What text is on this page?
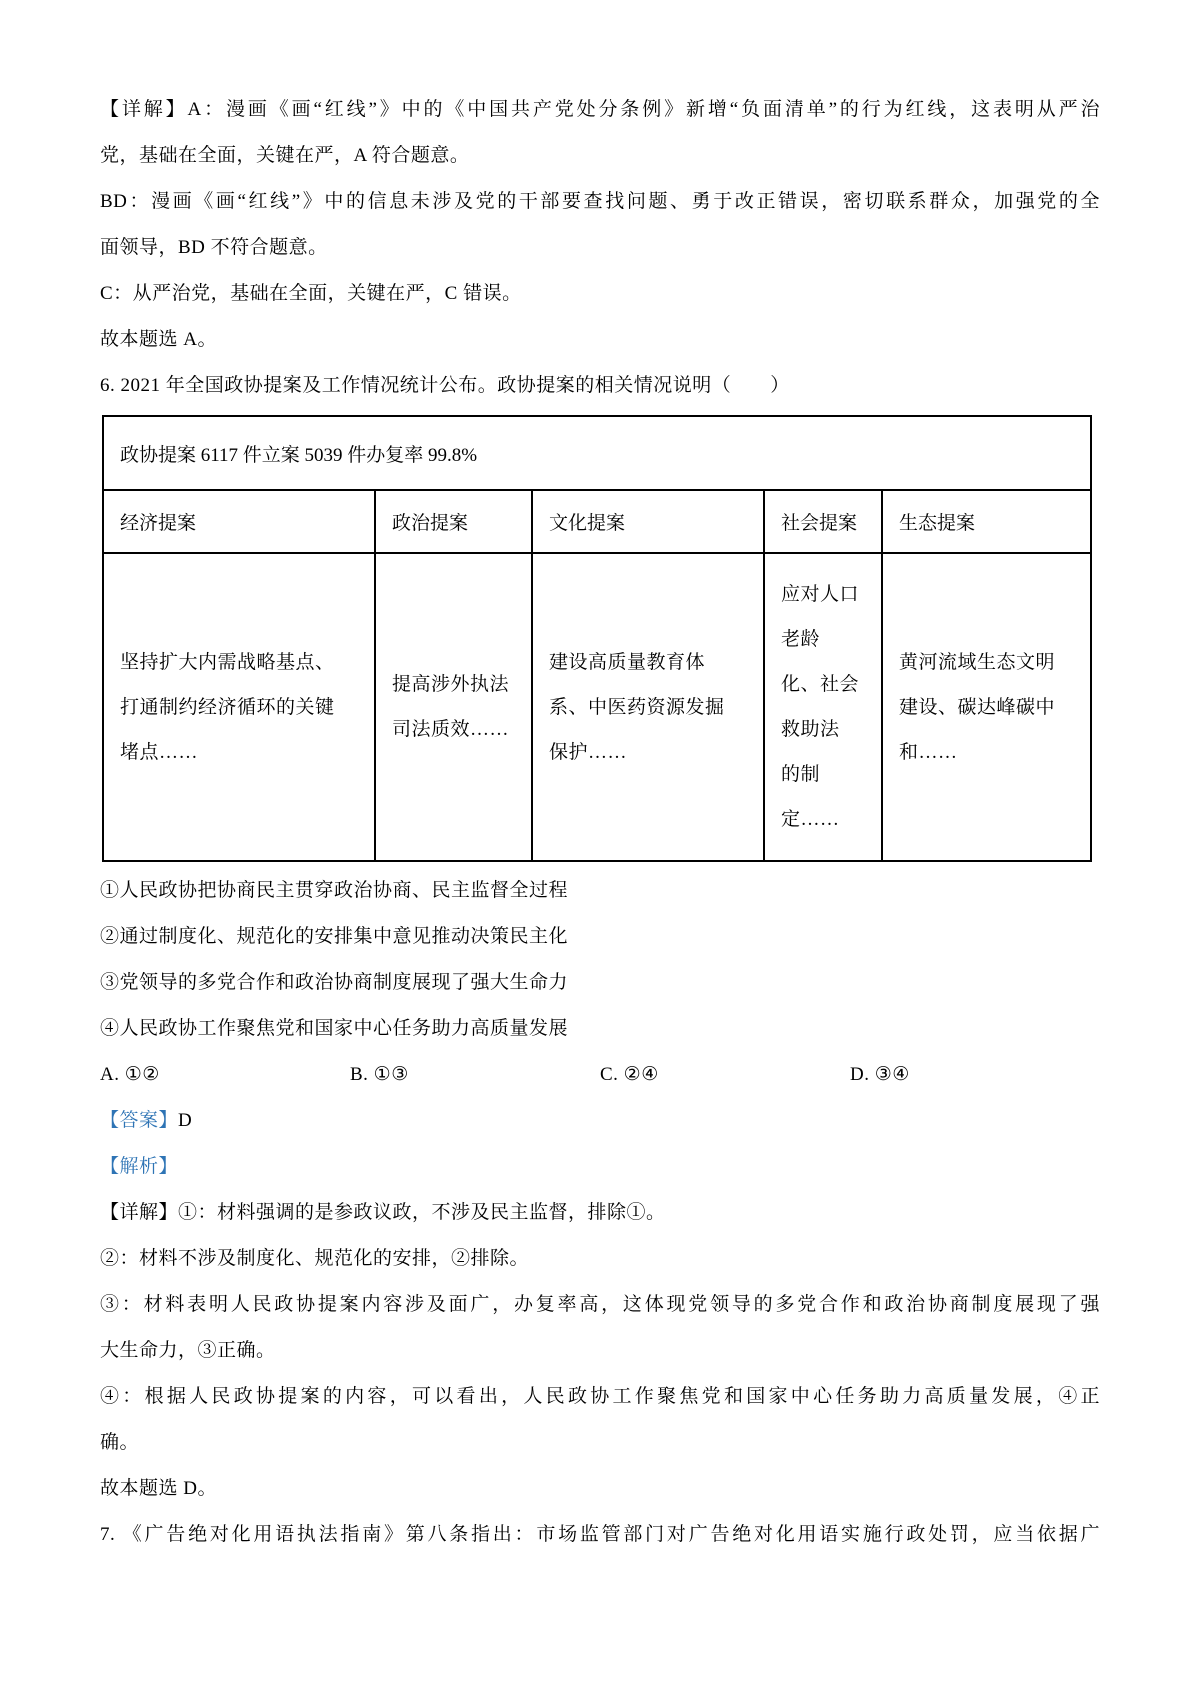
【详解】A：漫画《画“红线”》中的《中国共产党处分条例》新增“负面清单”的行为红线，这表明从严治
党，基础在全面，关键在严，A 符合题意。
BD：漫画《画“红线”》中的信息未涉及党的干部要查找问题、勇于改正错误，密切联系群众，加强党的全
面领导，BD 不符合题意。
C：从严治党，基础在全面，关键在严，C 错误。
故本题选 A。
6. 2021 年全国政协提案及工作情况统计公布。政协提案的相关情况说明（　　）
政协提案 6117 件立案 5039 件办复率 99.8%				
经济提案	政治提案	文化提案	社会提案	生态提案

坚持扩大内需战略基点、
打通制约经济循环的关键
堵点……

提高涉外执法
司法质效……

建设高质量教育体
系、中医药资源发掘
保护……

应对人口
老龄
化、社会
救助法
的制
定……

黄河流域生态文明
建设、碳达峰碳中
和……
①人民政协把协商民主贯穿政治协商、民主监督全过程
②通过制度化、规范化的安排集中意见推动决策民主化
③党领导的多党合作和政治协商制度展现了强大生命力
④人民政协工作聚焦党和国家中心任务助力高质量发展
A. ①②	B. ①③	C. ②④	D. ③④
【答案】D
【解析】
【详解】①：材料强调的是参政议政，不涉及民主监督，排除①。
②：材料不涉及制度化、规范化的安排，②排除。
③：材料表明人民政协提案内容涉及面广，办复率高，这体现党领导的多党合作和政治协商制度展现了强
大生命力，③正确。
④：根据人民政协提案的内容，可以看出，人民政协工作聚焦党和国家中心任务助力高质量发展，④正
确。
故本题选 D。
7. 《广告绝对化用语执法指南》第八条指出：市场监管部门对广告绝对化用语实施行政处罚，应当依据广
